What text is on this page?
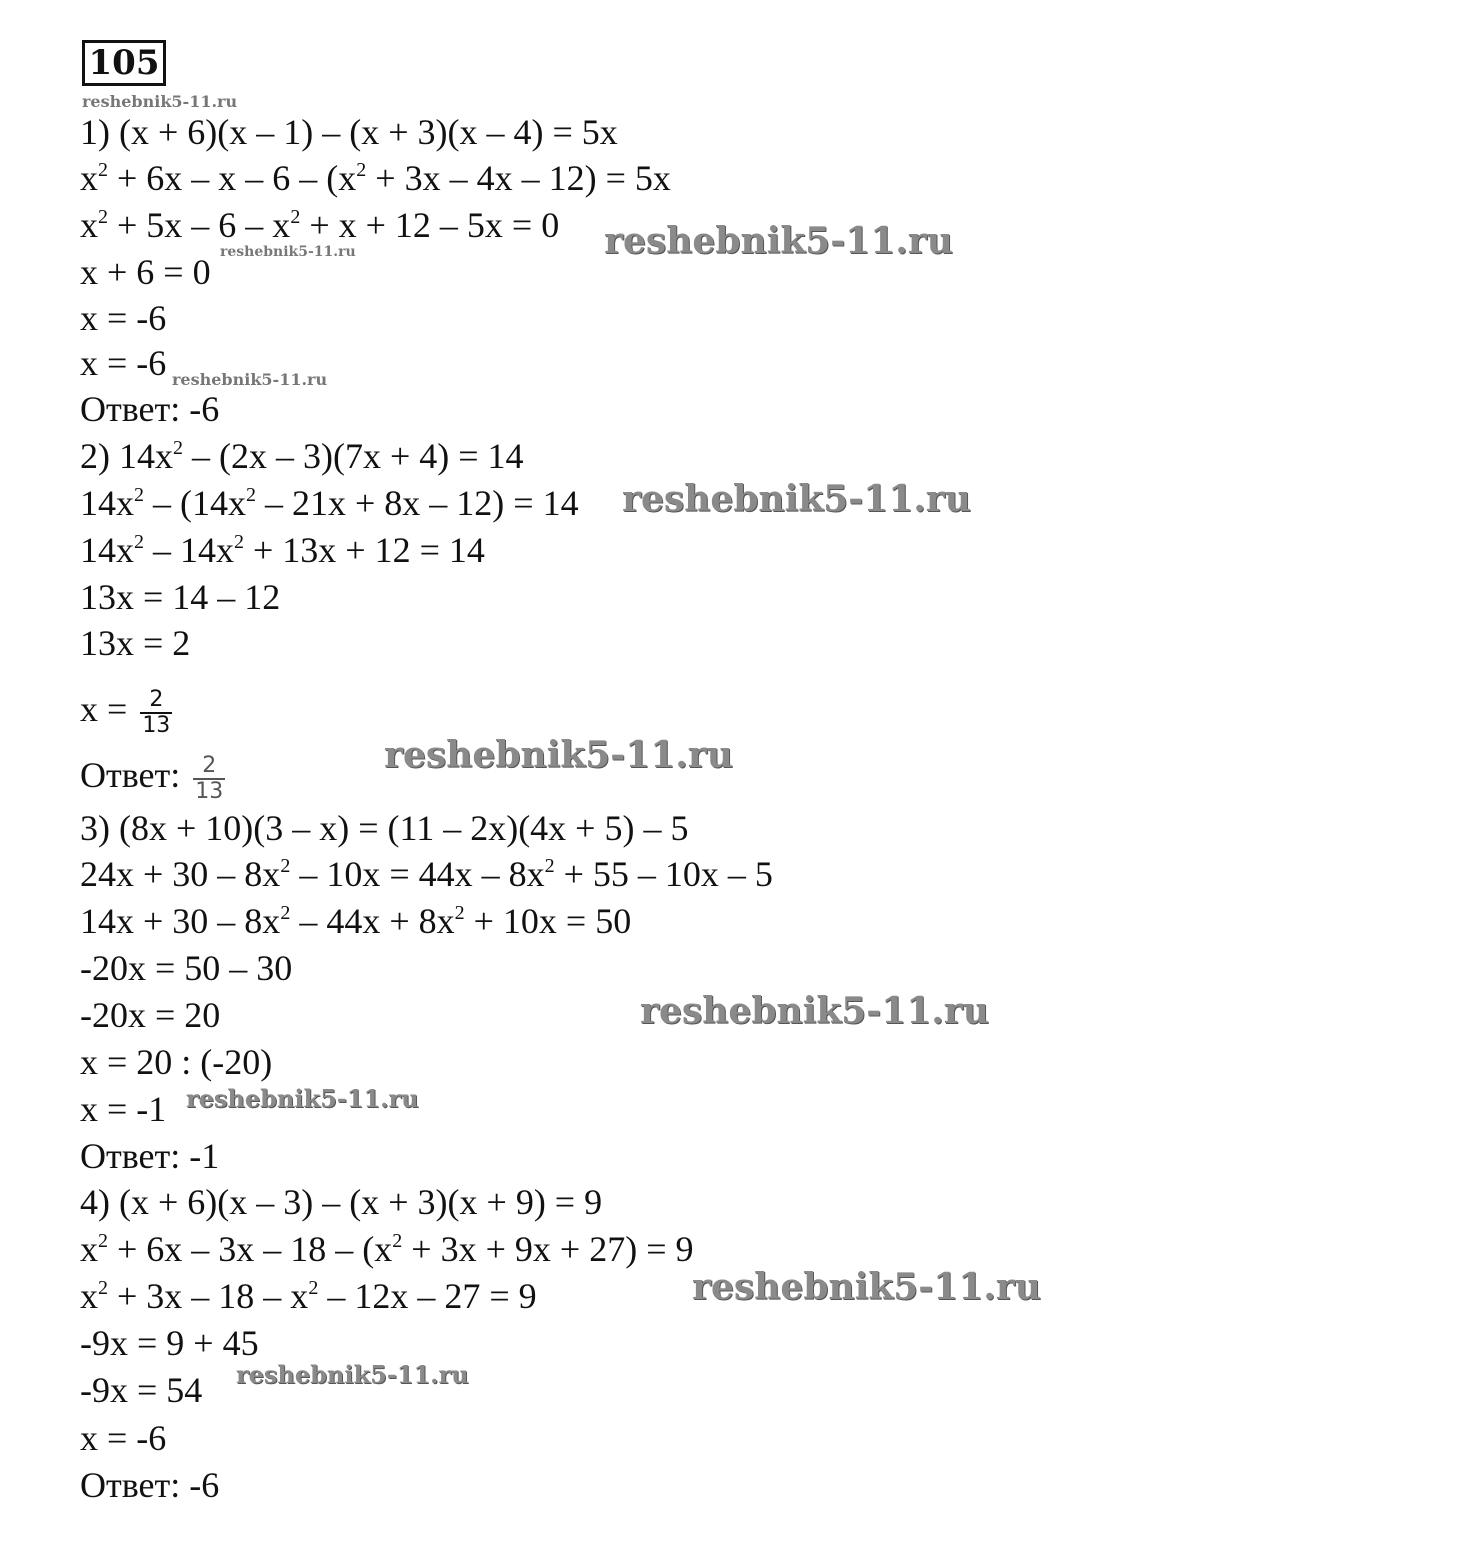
105
reshebnik5-11.ru
reshebnik5-11.ru
reshebnik5-11.ru
reshebnik5-11.ru
reshebnik5-11.ru
reshebnik5-11.ru
reshebnik5-11.ru
reshebnik5-11.ru
reshebnik5-11.ru
reshebnik5-11.ru
1) (x + 6)(x – 1) – (x + 3)(x – 4) = 5x
$x^2 + 6x - x - 6 - (x^2 + 3x - 4x - 12) = 5x$
$x^2 + 5x - 6 - x^2 + x + 12 - 5x = 0$
x + 6 = 0
x = -6
x = -6
Ответ: -6
2) $14x^2 - (2x - 3)(7x + 4) = 14$
$14x^2 - (14x^2 - 21x + 8x - 12) = 14$
$14x^2 - 14x^2 + 13x + 12 = 14$
13x = 14 – 12
13x = 2
$x = \frac{2}{13}$
Ответ: $\frac{2}{13}$
3) (8x + 10)(3 – x) = (11 – 2x)(4x + 5) – 5
$24x + 30 - 8x^2 - 10x = 44x - 8x^2 + 55 - 10x - 5$
$14x + 30 - 8x^2 - 44x + 8x^2 + 10x = 50$
-20x = 50 – 30
-20x = 20
x = 20 : (-20)
x = -1
Ответ: -1
4) (x + 6)(x – 3) – (x + 3)(x + 9) = 9
$x^2 + 6x - 3x - 18 - (x^2 + 3x + 9x + 27) = 9$
$x^2 + 3x - 18 - x^2 - 12x - 27 = 9$
-9x = 9 + 45
-9x = 54
x = -6
Ответ: -6
